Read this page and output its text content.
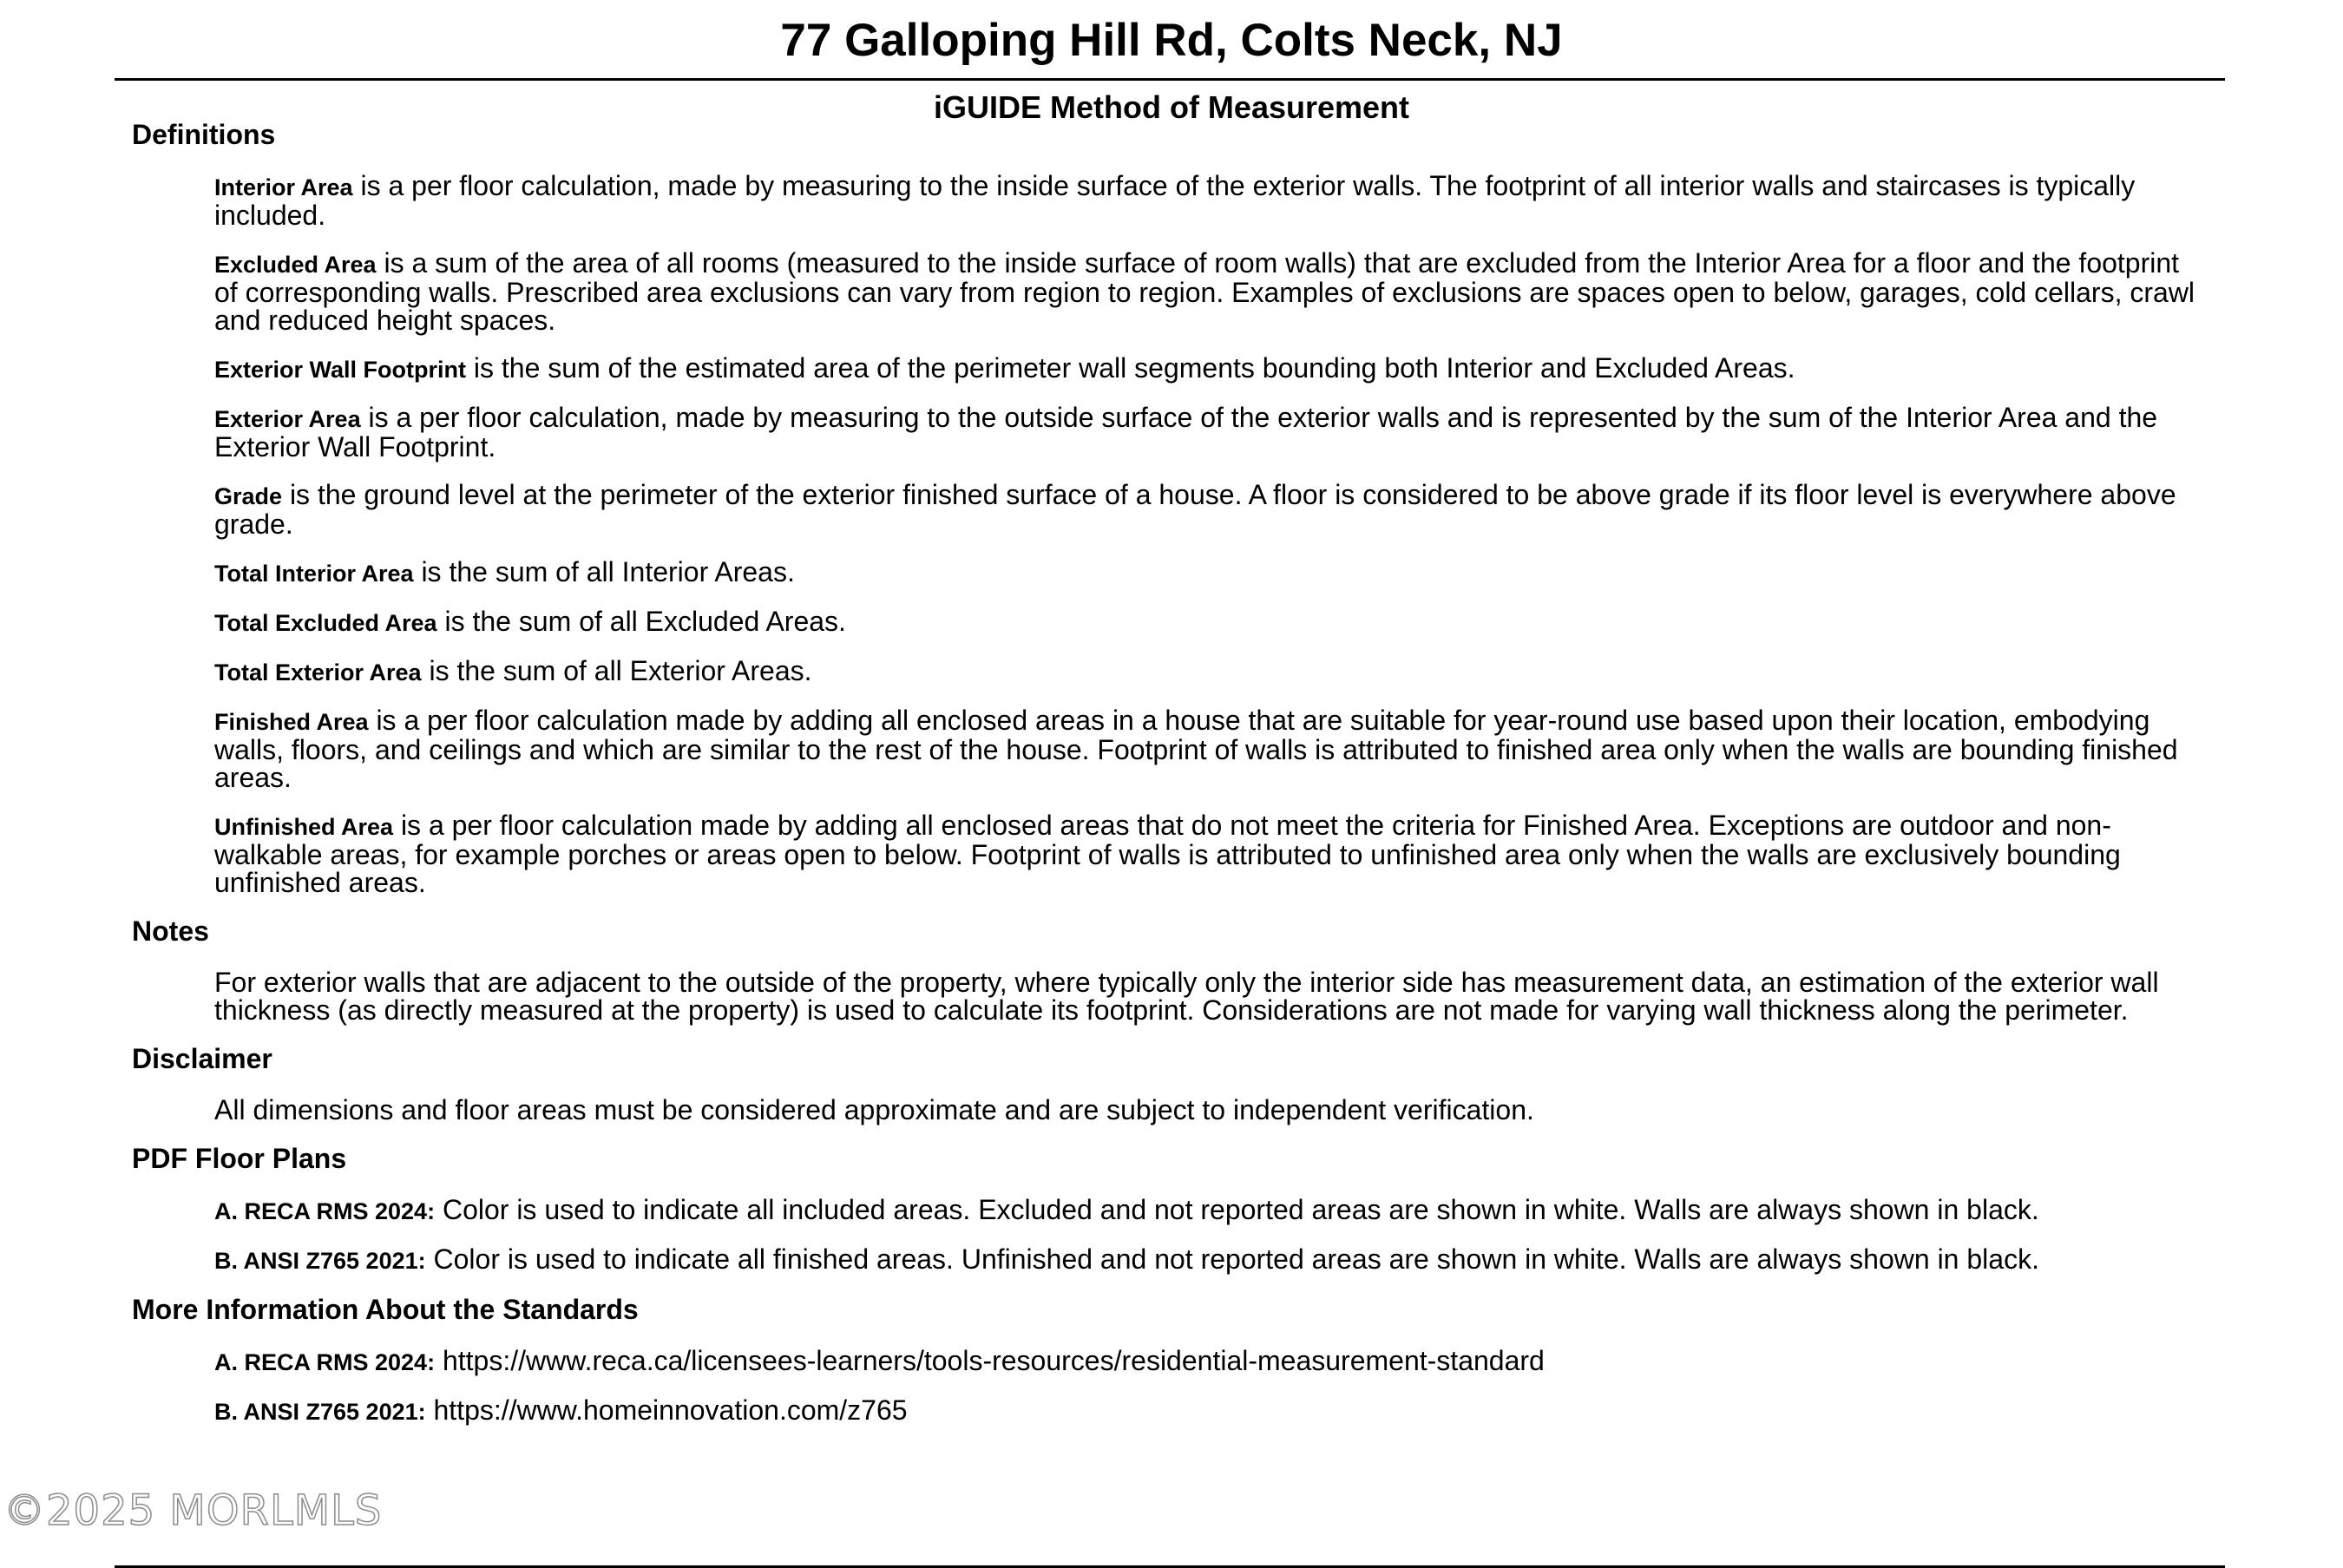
77 Galloping Hill Rd, Colts Neck, NJ
iGUIDE Method of Measurement
Definitions
Interior Area is a per floor calculation, made by measuring to the inside surface of the exterior walls. The footprint of all interior walls and staircases is typically included.
Excluded Area is a sum of the area of all rooms (measured to the inside surface of room walls) that are excluded from the Interior Area for a floor and the footprint of corresponding walls. Prescribed area exclusions can vary from region to region. Examples of exclusions are spaces open to below, garages, cold cellars, crawl and reduced height spaces.
Exterior Wall Footprint is the sum of the estimated area of the perimeter wall segments bounding both Interior and Excluded Areas.
Exterior Area is a per floor calculation, made by measuring to the outside surface of the exterior walls and is represented by the sum of the Interior Area and the Exterior Wall Footprint.
Grade is the ground level at the perimeter of the exterior finished surface of a house. A floor is considered to be above grade if its floor level is everywhere above grade.
Total Interior Area is the sum of all Interior Areas.
Total Excluded Area is the sum of all Excluded Areas.
Total Exterior Area is the sum of all Exterior Areas.
Finished Area is a per floor calculation made by adding all enclosed areas in a house that are suitable for year-round use based upon their location, embodying walls, floors, and ceilings and which are similar to the rest of the house. Footprint of walls is attributed to finished area only when the walls are bounding finished areas.
Unfinished Area is a per floor calculation made by adding all enclosed areas that do not meet the criteria for Finished Area. Exceptions are outdoor and non-walkable areas, for example porches or areas open to below. Footprint of walls is attributed to unfinished area only when the walls are exclusively bounding unfinished areas.
Notes
For exterior walls that are adjacent to the outside of the property, where typically only the interior side has measurement data, an estimation of the exterior wall thickness (as directly measured at the property) is used to calculate its footprint. Considerations are not made for varying wall thickness along the perimeter.
Disclaimer
All dimensions and floor areas must be considered approximate and are subject to independent verification.
PDF Floor Plans
A. RECA RMS 2024: Color is used to indicate all included areas. Excluded and not reported areas are shown in white. Walls are always shown in black.
B. ANSI Z765 2021: Color is used to indicate all finished areas. Unfinished and not reported areas are shown in white. Walls are always shown in black.
More Information About the Standards
A. RECA RMS 2024: https://www.reca.ca/licensees-learners/tools-resources/residential-measurement-standard
B. ANSI Z765 2021: https://www.homeinnovation.com/z765
©2025 MORLMLS
